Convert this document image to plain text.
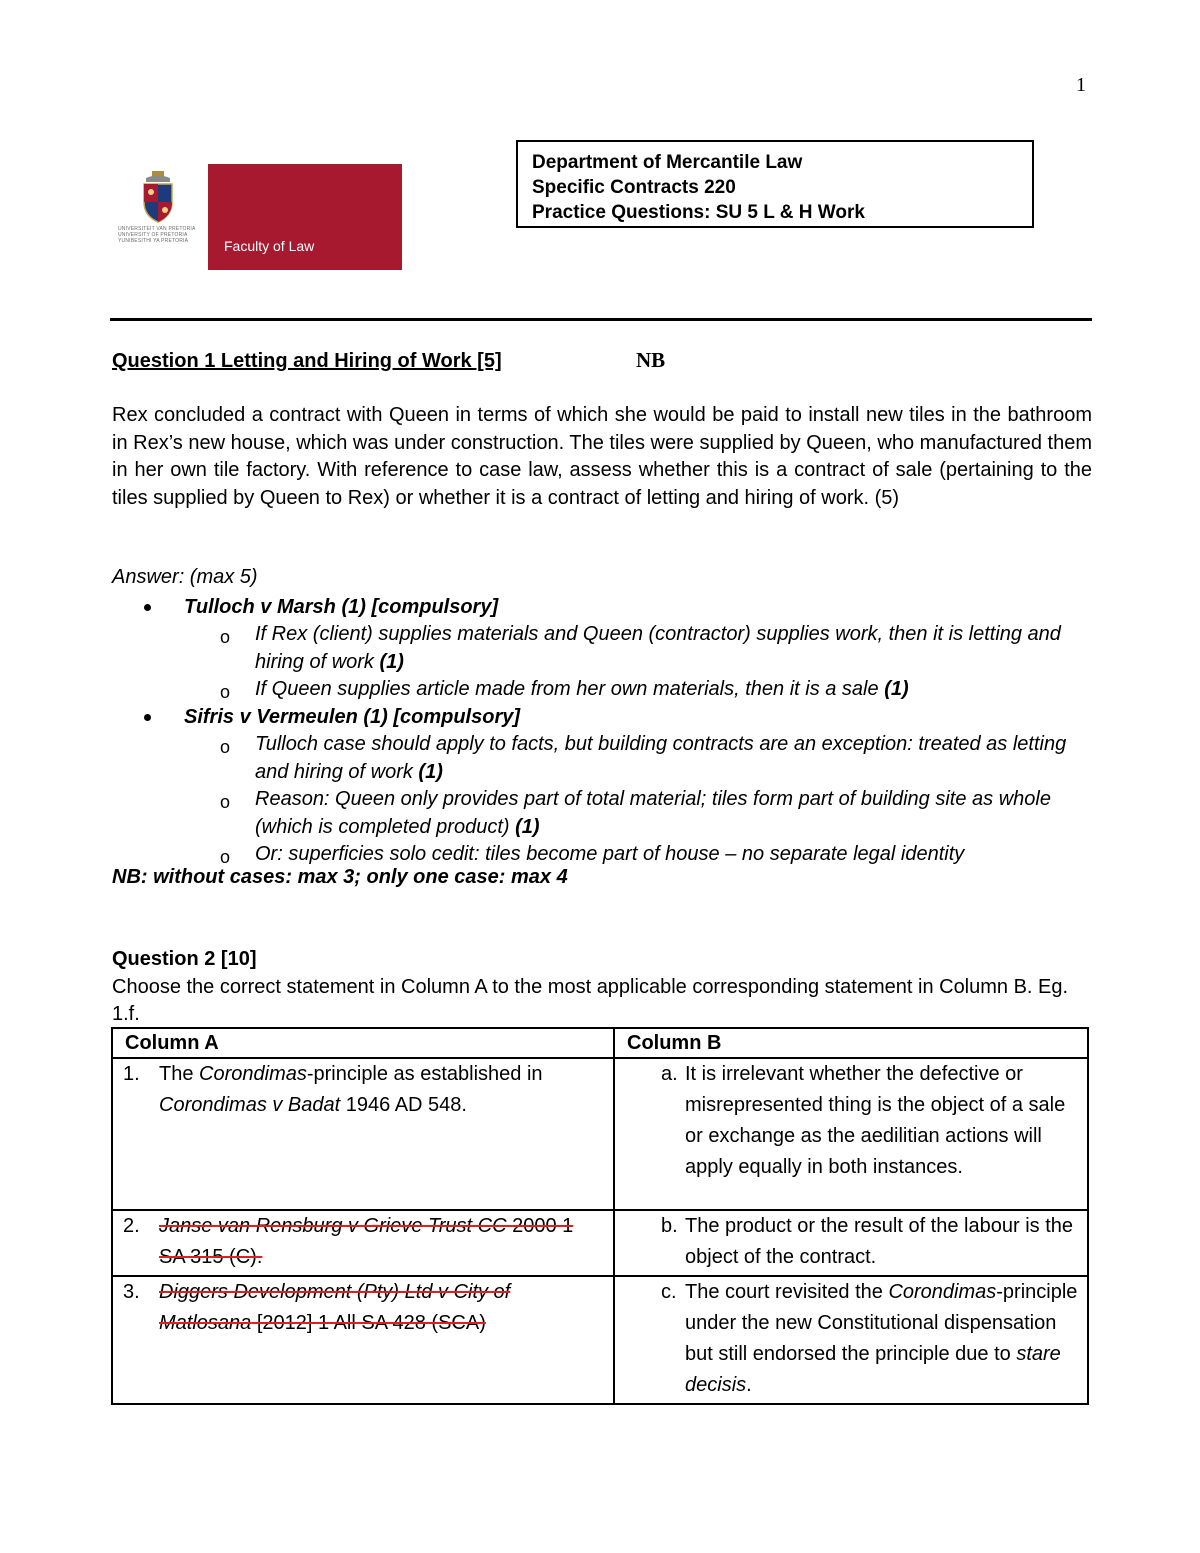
1
UNIVERSITEIT VAN PRETORIA
UNIVERSITY OF PRETORIA
YUNIBESITHI YA PRETORIA	Faculty of Law
Department of Mercantile Law
Specific Contracts 220
Practice Questions: SU 5 L & H Work
Question 1 Letting and Hiring of Work [5]	NB
Rex concluded a contract with Queen in terms of which she would be paid to install new tiles in the bathroom in Rex’s new house, which was under construction. The tiles were supplied by Queen, who manufactured them in her own tile factory. With reference to case law, assess whether this is a contract of sale (pertaining to the tiles supplied by Queen to Rex) or whether it is a contract of letting and hiring of work. (5)
Answer: (max 5)
Tulloch v Marsh (1) [compulsory]
o If Rex (client) supplies materials and Queen (contractor) supplies work, then it is letting and hiring of work (1)
o If Queen supplies article made from her own materials, then it is a sale (1)
Sifris v Vermeulen (1) [compulsory]
o Tulloch case should apply to facts, but building contracts are an exception: treated as letting and hiring of work (1)
o Reason: Queen only provides part of total material; tiles form part of building site as whole (which is completed product) (1)
o Or: superficies solo cedit: tiles become part of house – no separate legal identity
NB: without cases: max 3; only one case: max 4
Question 2 [10]
Choose the correct statement in Column A to the most applicable corresponding statement in Column B. Eg. 1.f.
Column A	Column B

1. The Corondimas-principle as established in Corondimas v Badat 1946 AD 548.	a. It is irrelevant whether the defective or misrepresented thing is the object of a sale or exchange as the aedilitian actions will apply equally in both instances.

2. Janse van Rensburg v Grieve Trust CC 2000 1 SA 315 (C).	b. The product or the result of the labour is the object of the contract.

3. Diggers Development (Pty) Ltd v City of Matlosana [2012] 1 All SA 428 (SCA)	c. The court revisited the Corondimas-principle under the new Constitutional dispensation but still endorsed the principle due to stare decisis.
